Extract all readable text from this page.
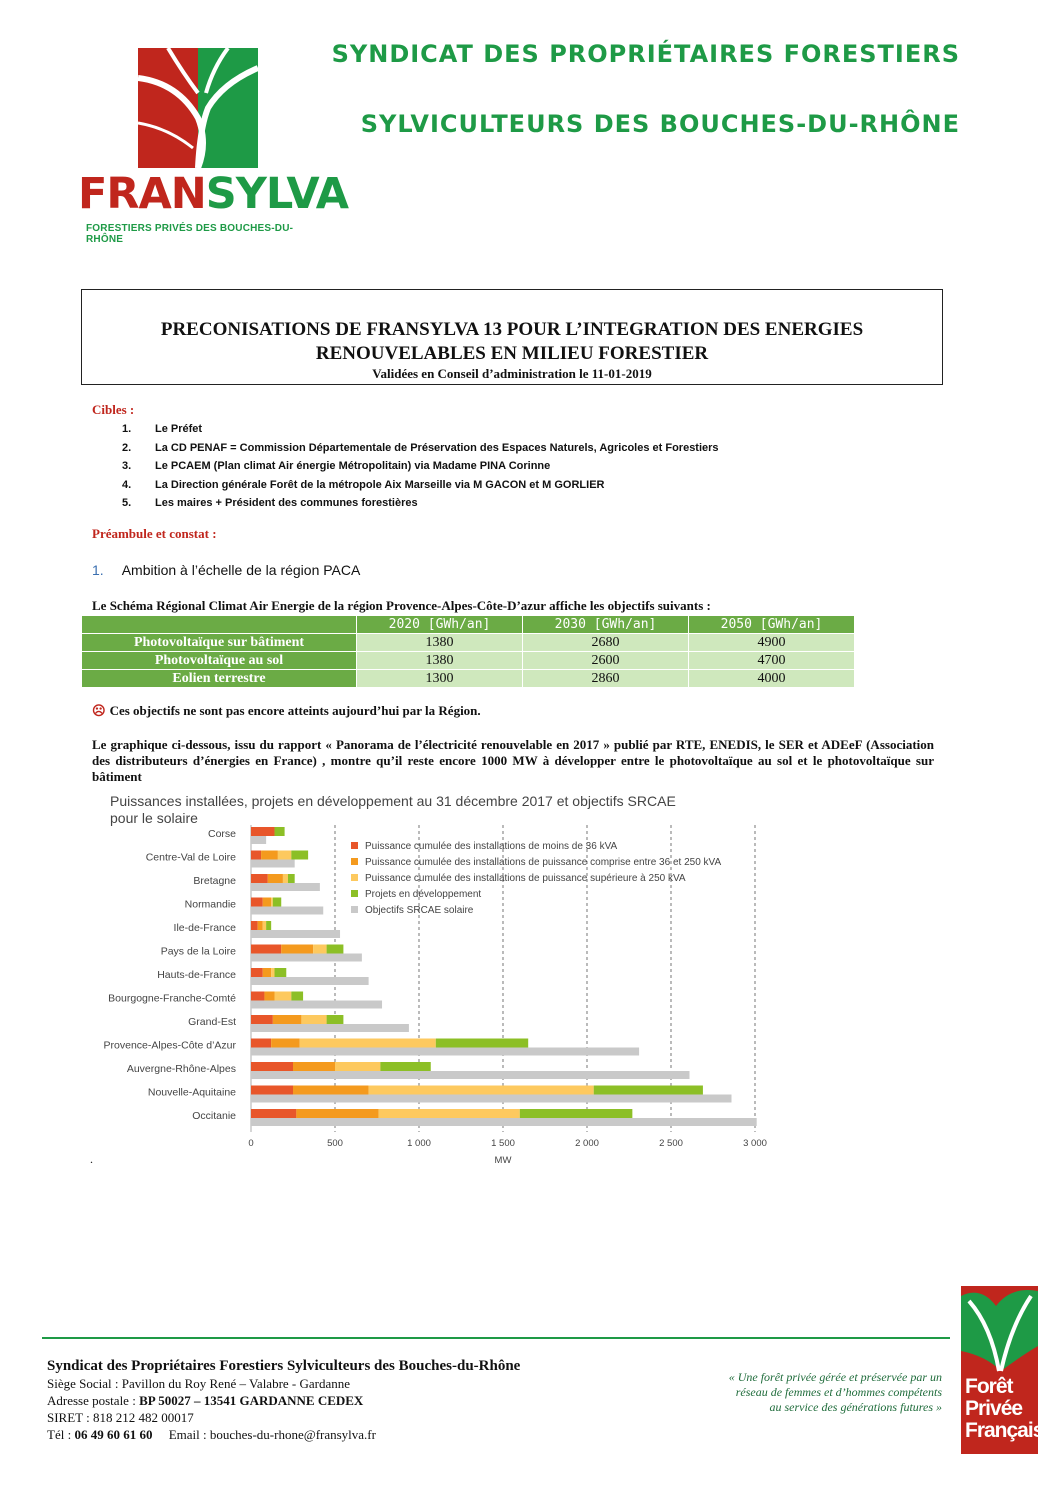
FRANSYLVA
FORESTIERS PRIVÉS DES BOUCHES-DU-RHÔNE
SYNDICAT DES PROPRIÉTAIRES FORESTIERS
SYLVICULTEURS DES BOUCHES-DU-RHÔNE
PRECONISATIONS DE FRANSYLVA 13 POUR L’INTEGRATION DES ENERGIES
RENOUVELABLES EN MILIEU FORESTIER
Validées en Conseil d’administration le 11-01-2019
Cibles :
1.	Le Préfet
2.	La CD PENAF = Commission Départementale de Préservation des Espaces Naturels, Agricoles et Forestiers
3.	Le PCAEM (Plan climat Air énergie Métropolitain) via Madame PINA Corinne
4.	La Direction générale Forêt de la métropole Aix Marseille via M GACON et M GORLIER
5.	Les maires + Président des communes forestières
Préambule et constat :
1. Ambition à l’échelle de la région PACA
Le Schéma Régional Climat Air Energie de la région Provence-Alpes-Côte-D’azur affiche les objectifs suivants :
	2020 [GWh/an]	2030 [GWh/an]	2050 [GWh/an]
Photovoltaïque sur bâtiment	1380	2680	4900
Photovoltaïque au sol	1380	2600	4700
Eolien terrestre	1300	2860	4000
☹ Ces objectifs ne sont pas encore atteints aujourd’hui par la Région.
Le graphique ci-dessous, issu du rapport « Panorama de l’électricité renouvelable en 2017 » publié par RTE, ENEDIS, le SER et ADEeF (Association des distributeurs d’énergies en France) , montre qu’il reste encore 1000 MW à développer entre le photovoltaïque au sol et le photovoltaïque sur bâtiment
Puissances installées, projets en développement au 31 décembre 2017 et objectifs SRCAE
pour le solaire
0	500	1 000	1 500	2 000	2 500	3 000
MW
Corse
Centre-Val de Loire
Bretagne
Normandie
Ile-de-France
Pays de la Loire
Hauts-de-France
Bourgogne-Franche-Comté
Grand-Est
Provence-Alpes-Côte d’Azur
Auvergne-Rhône-Alpes
Nouvelle-Aquitaine
Occitanie
Puissance cumulée des installations de moins de 36 kVA
Puissance cumulée des installations de puissance comprise entre 36 et 250 kVA
Puissance cumulée des installations de puissance supérieure à 250 kVA
Projets en développement
Objectifs SRCAE solaire
.
Syndicat des Propriétaires Forestiers Sylviculteurs des Bouches-du-Rhône
Siège Social : Pavillon du Roy René – Valabre - Gardanne
Adresse postale : BP 50027 – 13541 GARDANNE CEDEX
SIRET : 818 212 482 00017
Tél : 06 49 60 61 60 Email : bouches-du-rhone@fransylva.fr
« Une forêt privée gérée et préservée par un
réseau de femmes et d’hommes compétents
au service des générations futures »
Forêt
Privée
Française
